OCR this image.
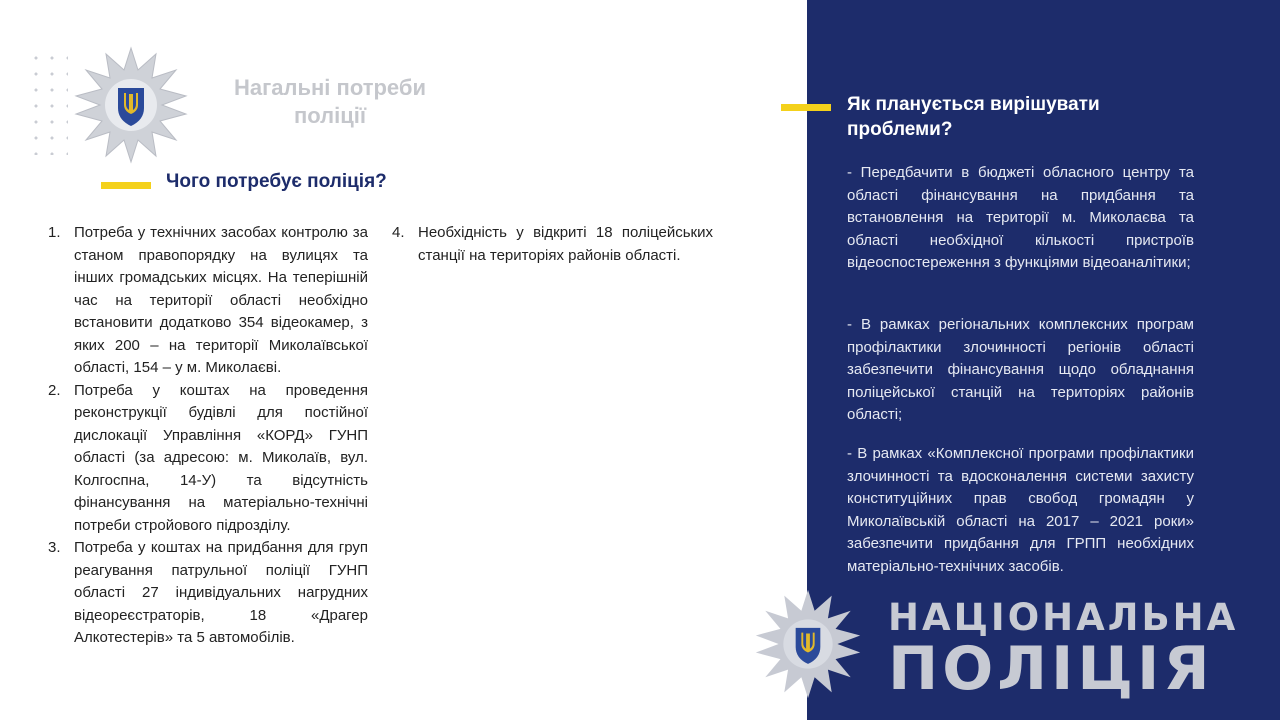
Нагальні потреби поліції
Чого потребує поліція?
1. Потреба у технічних засобах контролю за станом правопорядку на вулицях та інших громадських місцях. На теперішній час на території області необхідно встановити додатково 354 відеокамер, з яких 200 – на території Миколаївської області, 154 – у м. Миколаєві.
2. Потреба у коштах на проведення реконструкції будівлі для постійної дислокації Управління «КОРД» ГУНП області (за адресою: м. Миколаїв, вул. Колгоспна, 14-У) та відсутність фінансування на матеріально-технічні потреби стройового підрозділу.
3. Потреба у коштах на придбання для груп реагування патрульної поліції ГУНП області 27 індивідуальних нагрудних відеореєстраторів, 18 «Драгер Алкотестерів» та 5 автомобілів.
4. Необхідність у відкриті 18 поліцейських станції на територіях районів області.
Як планується вирішувати проблеми?
- Передбачити в бюджеті обласного центру та області фінансування на придбання та встановлення на території м. Миколаєва та області необхідної кількості пристроїв відеоспостереження з функціями відеоаналітики;
- В рамках регіональних комплексних програм профілактики злочинності регіонів області забезпечити фінансування щодо обладнання поліцейської станцій на територіях районів області;
- В рамках «Комплексної програми профілактики злочинності та вдосконалення системи захисту конституційних прав свобод громадян у Миколаївській області на 2017 – 2021 роки» забезпечити придбання для ГРПП необхідних матеріально-технічних засобів.
НАЦІОНАЛЬНА
ПОЛІЦІЯ
